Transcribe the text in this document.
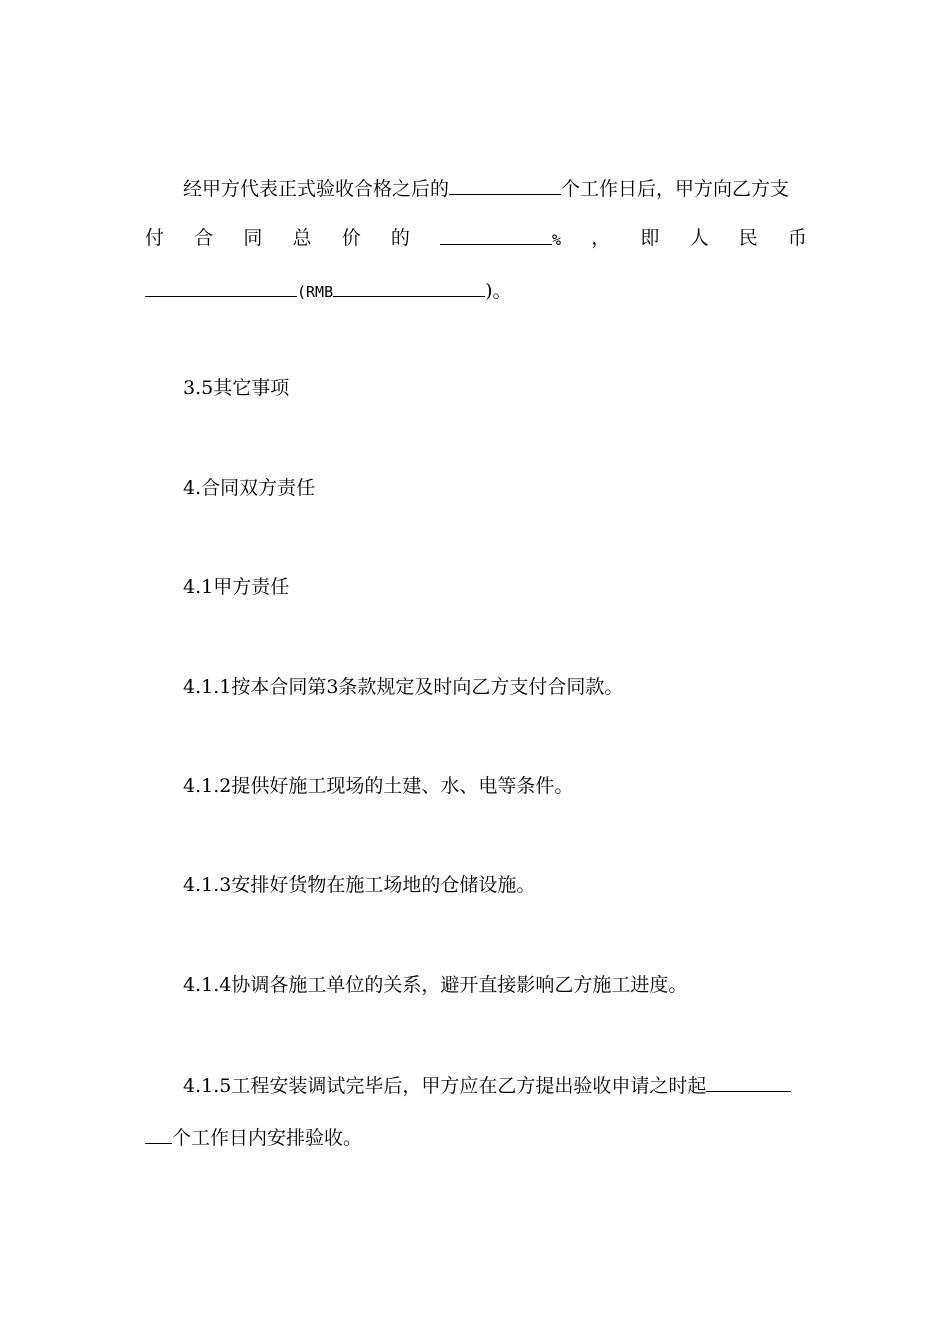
经甲方代表正式验收合格之后的	个工作日后，甲方向乙方支
付 合 同 总 价 的	% ， 即 人 民 币
(RMB	)。
3.5其它事项
4.合同双方责任
4.1甲方责任
4.1.1按本合同第3条款规定及时向乙方支付合同款。
4.1.2提供好施工现场的土建、水、电等条件。
4.1.3安排好货物在施工场地的仓储设施。
4.1.4协调各施工单位的关系，避开直接影响乙方施工进度。
4.1.5工程安装调试完毕后，甲方应在乙方提出验收申请之时起
个工作日内安排验收。
